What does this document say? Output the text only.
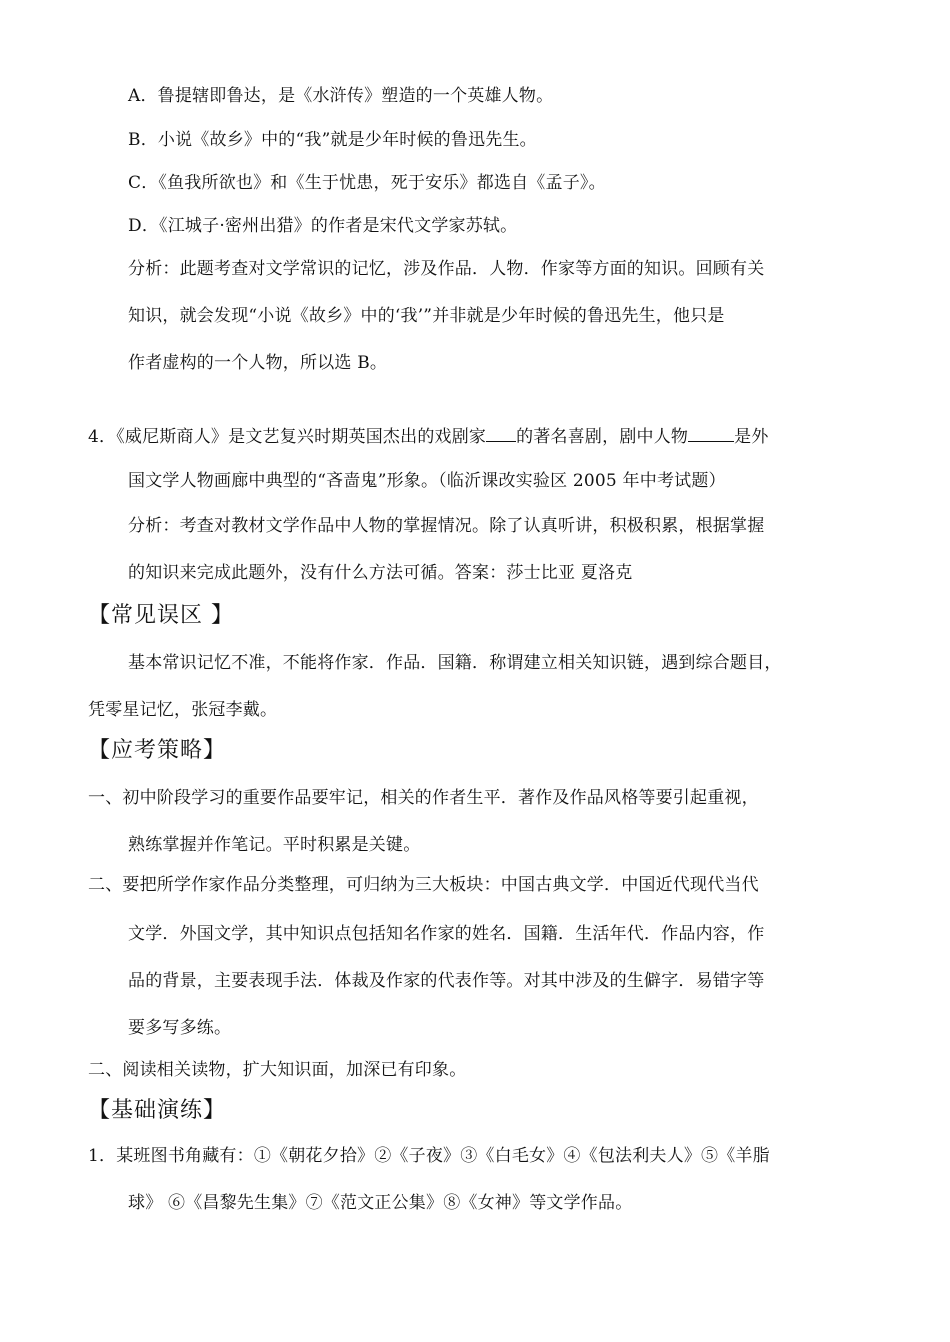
A．鲁提辖即鲁达，是《水浒传》塑造的一个英雄人物。
B．小说《故乡》中的“我”就是少年时候的鲁迅先生。
C．《鱼我所欲也》和《生于忧患，死于安乐》都选自《孟子》。
D．《江城子·密州出猎》的作者是宋代文学家苏轼。
分析：此题考查对文学常识的记忆，涉及作品．人物．作家等方面的知识。回顾有关
知识，就会发现“小说《故乡》中的‘我’”并非就是少年时候的鲁迅先生，他只是
作者虚构的一个人物，所以选 B。
4．《威尼斯商人》是文艺复兴时期英国杰出的戏剧家 的著名喜剧，剧中人物	是外
国文学人物画廊中典型的“吝啬鬼”形象。（临沂课改实验区 2005 年中考试题）
分析：考查对教材文学作品中人物的掌握情况。除了认真听讲，积极积累，根据掌握
的知识来完成此题外，没有什么方法可循。答案：莎士比亚 夏洛克
【常见误区 】
基本常识记忆不准，不能将作家．作品．国籍．称谓建立相关知识链，遇到综合题目，
凭零星记忆，张冠李戴。
【应考策略】
一、初中阶段学习的重要作品要牢记，相关的作者生平．著作及作品风格等要引起重视，
熟练掌握并作笔记。平时积累是关键。
二、要把所学作家作品分类整理，可归纳为三大板块：中国古典文学．中国近代现代当代
文学．外国文学，其中知识点包括知名作家的姓名．国籍．生活年代．作品内容，作
品的背景，主要表现手法．体裁及作家的代表作等。对其中涉及的生僻字．易错字等
要多写多练。
二、阅读相关读物，扩大知识面，加深已有印象。
【基础演练】
1．某班图书角藏有：①《朝花夕拾》②《子夜》③《白毛女》④《包法利夫人》⑤《羊脂
球》 ⑥《昌黎先生集》⑦《范文正公集》⑧《女神》等文学作品。
